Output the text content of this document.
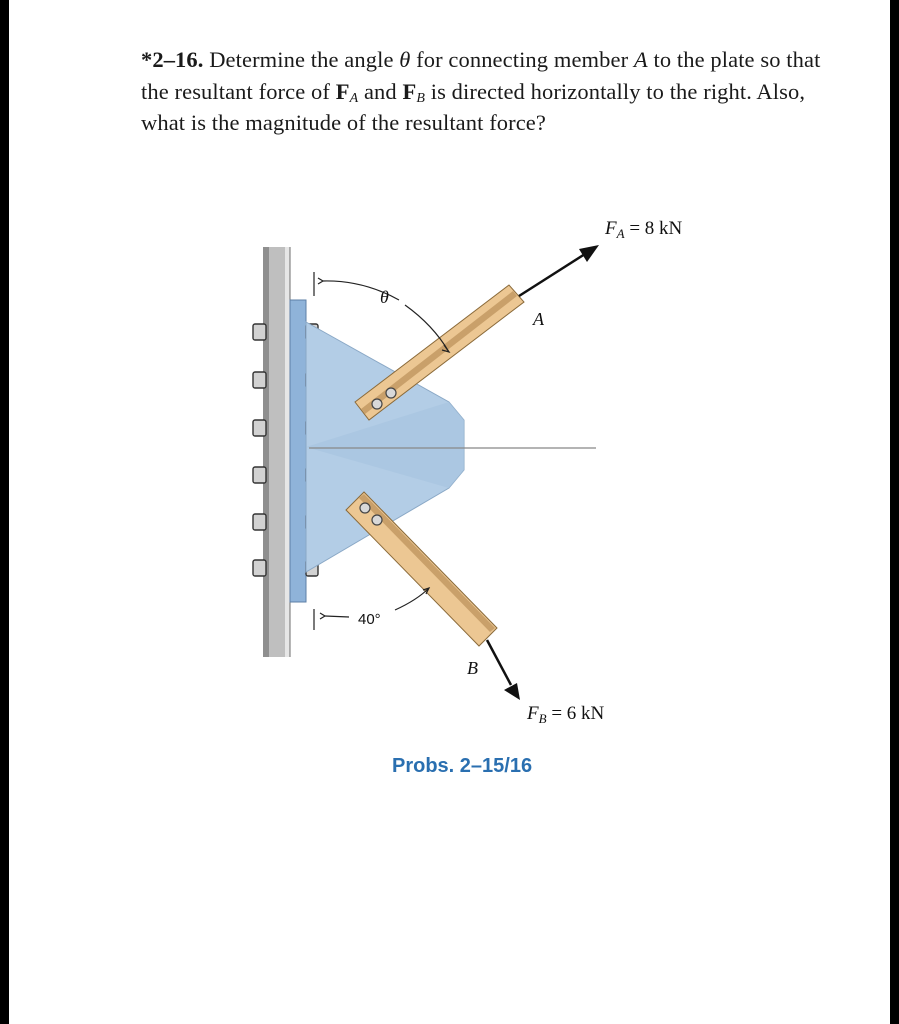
*2–16. Determine the angle θ for connecting member A to the plate so that the resultant force of $F_A$ and $F_B$ is directed horizontally to the right. Also, what is the magnitude of the resultant force?
$F_A = 8$ kN
$F_B = 6$ kN
A
B
θ
40°
Probs. 2–15/16
